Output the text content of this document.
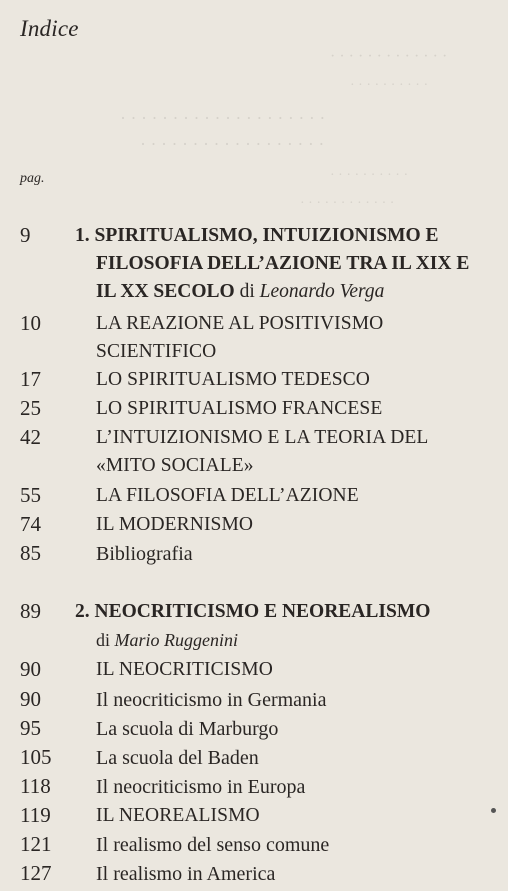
· · · · · · · · · · · · ·
· · · · · · · · · ·
· · · · · · · · · · · · · · · · · · · ·
· · · · · · · · · · · · · · · · · ·
· · · · · · · · · ·
· · · · · · · · · · · ·
Indice
pag.
9 1. SPIRITUALISMO, INTUIZIONISMO E
FILOSOFIA DELL’AZIONE TRA IL XIX E
IL XX SECOLO di Leonardo Verga
10	LA REAZIONE AL POSITIVISMO
SCIENTIFICO
17	LO SPIRITUALISMO TEDESCO
25	LO SPIRITUALISMO FRANCESE
42	L’INTUIZIONISMO E LA TEORIA DEL
«MITO SOCIALE»
55	LA FILOSOFIA DELL’AZIONE
74	IL MODERNISMO
85	Bibliografia
89 2. NEOCRITICISMO E NEOREALISMO
di Mario Ruggenini
90	IL NEOCRITICISMO
90	Il neocriticismo in Germania
95	La scuola di Marburgo
105 La scuola del Baden
118 Il neocriticismo in Europa
119 IL NEOREALISMO
121 Il realismo del senso comune
127 Il realismo in America
